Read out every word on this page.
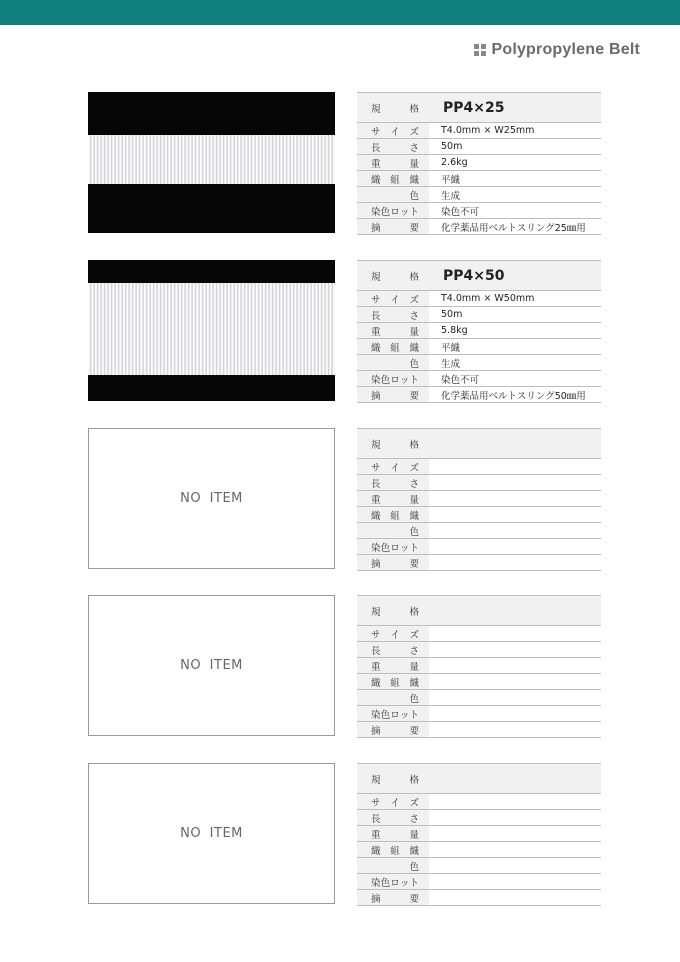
Polypropylene Belt
規 格	PP4×25

サ イ ズ	T4.0mm × W25mm

長 さ	50m

重 量	2.6kg

織 組 織	平織

色	生成

染 色 ロ ッ ト	染色不可

摘 要	化学薬品用ベルトスリング25㎜用
規 格	PP4×50

サ イ ズ	T4.0mm × W50mm

長 さ	50m

重 量	5.8kg

織 組 織	平織

色	生成

染 色 ロ ッ ト	染色不可

摘 要	化学薬品用ベルトスリング50㎜用
NO ITEM
規 格	

サ イ ズ	

長 さ	

重 量	

織 組 織	

色	

染 色 ロ ッ ト	

摘 要	

NO ITEM
規 格	

サ イ ズ	

長 さ	

重 量	

織 組 織	

色	

染 色 ロ ッ ト	

摘 要	

NO ITEM
規 格	

サ イ ズ	

長 さ	

重 量	

織 組 織	

色	

染 色 ロ ッ ト	

摘 要	
